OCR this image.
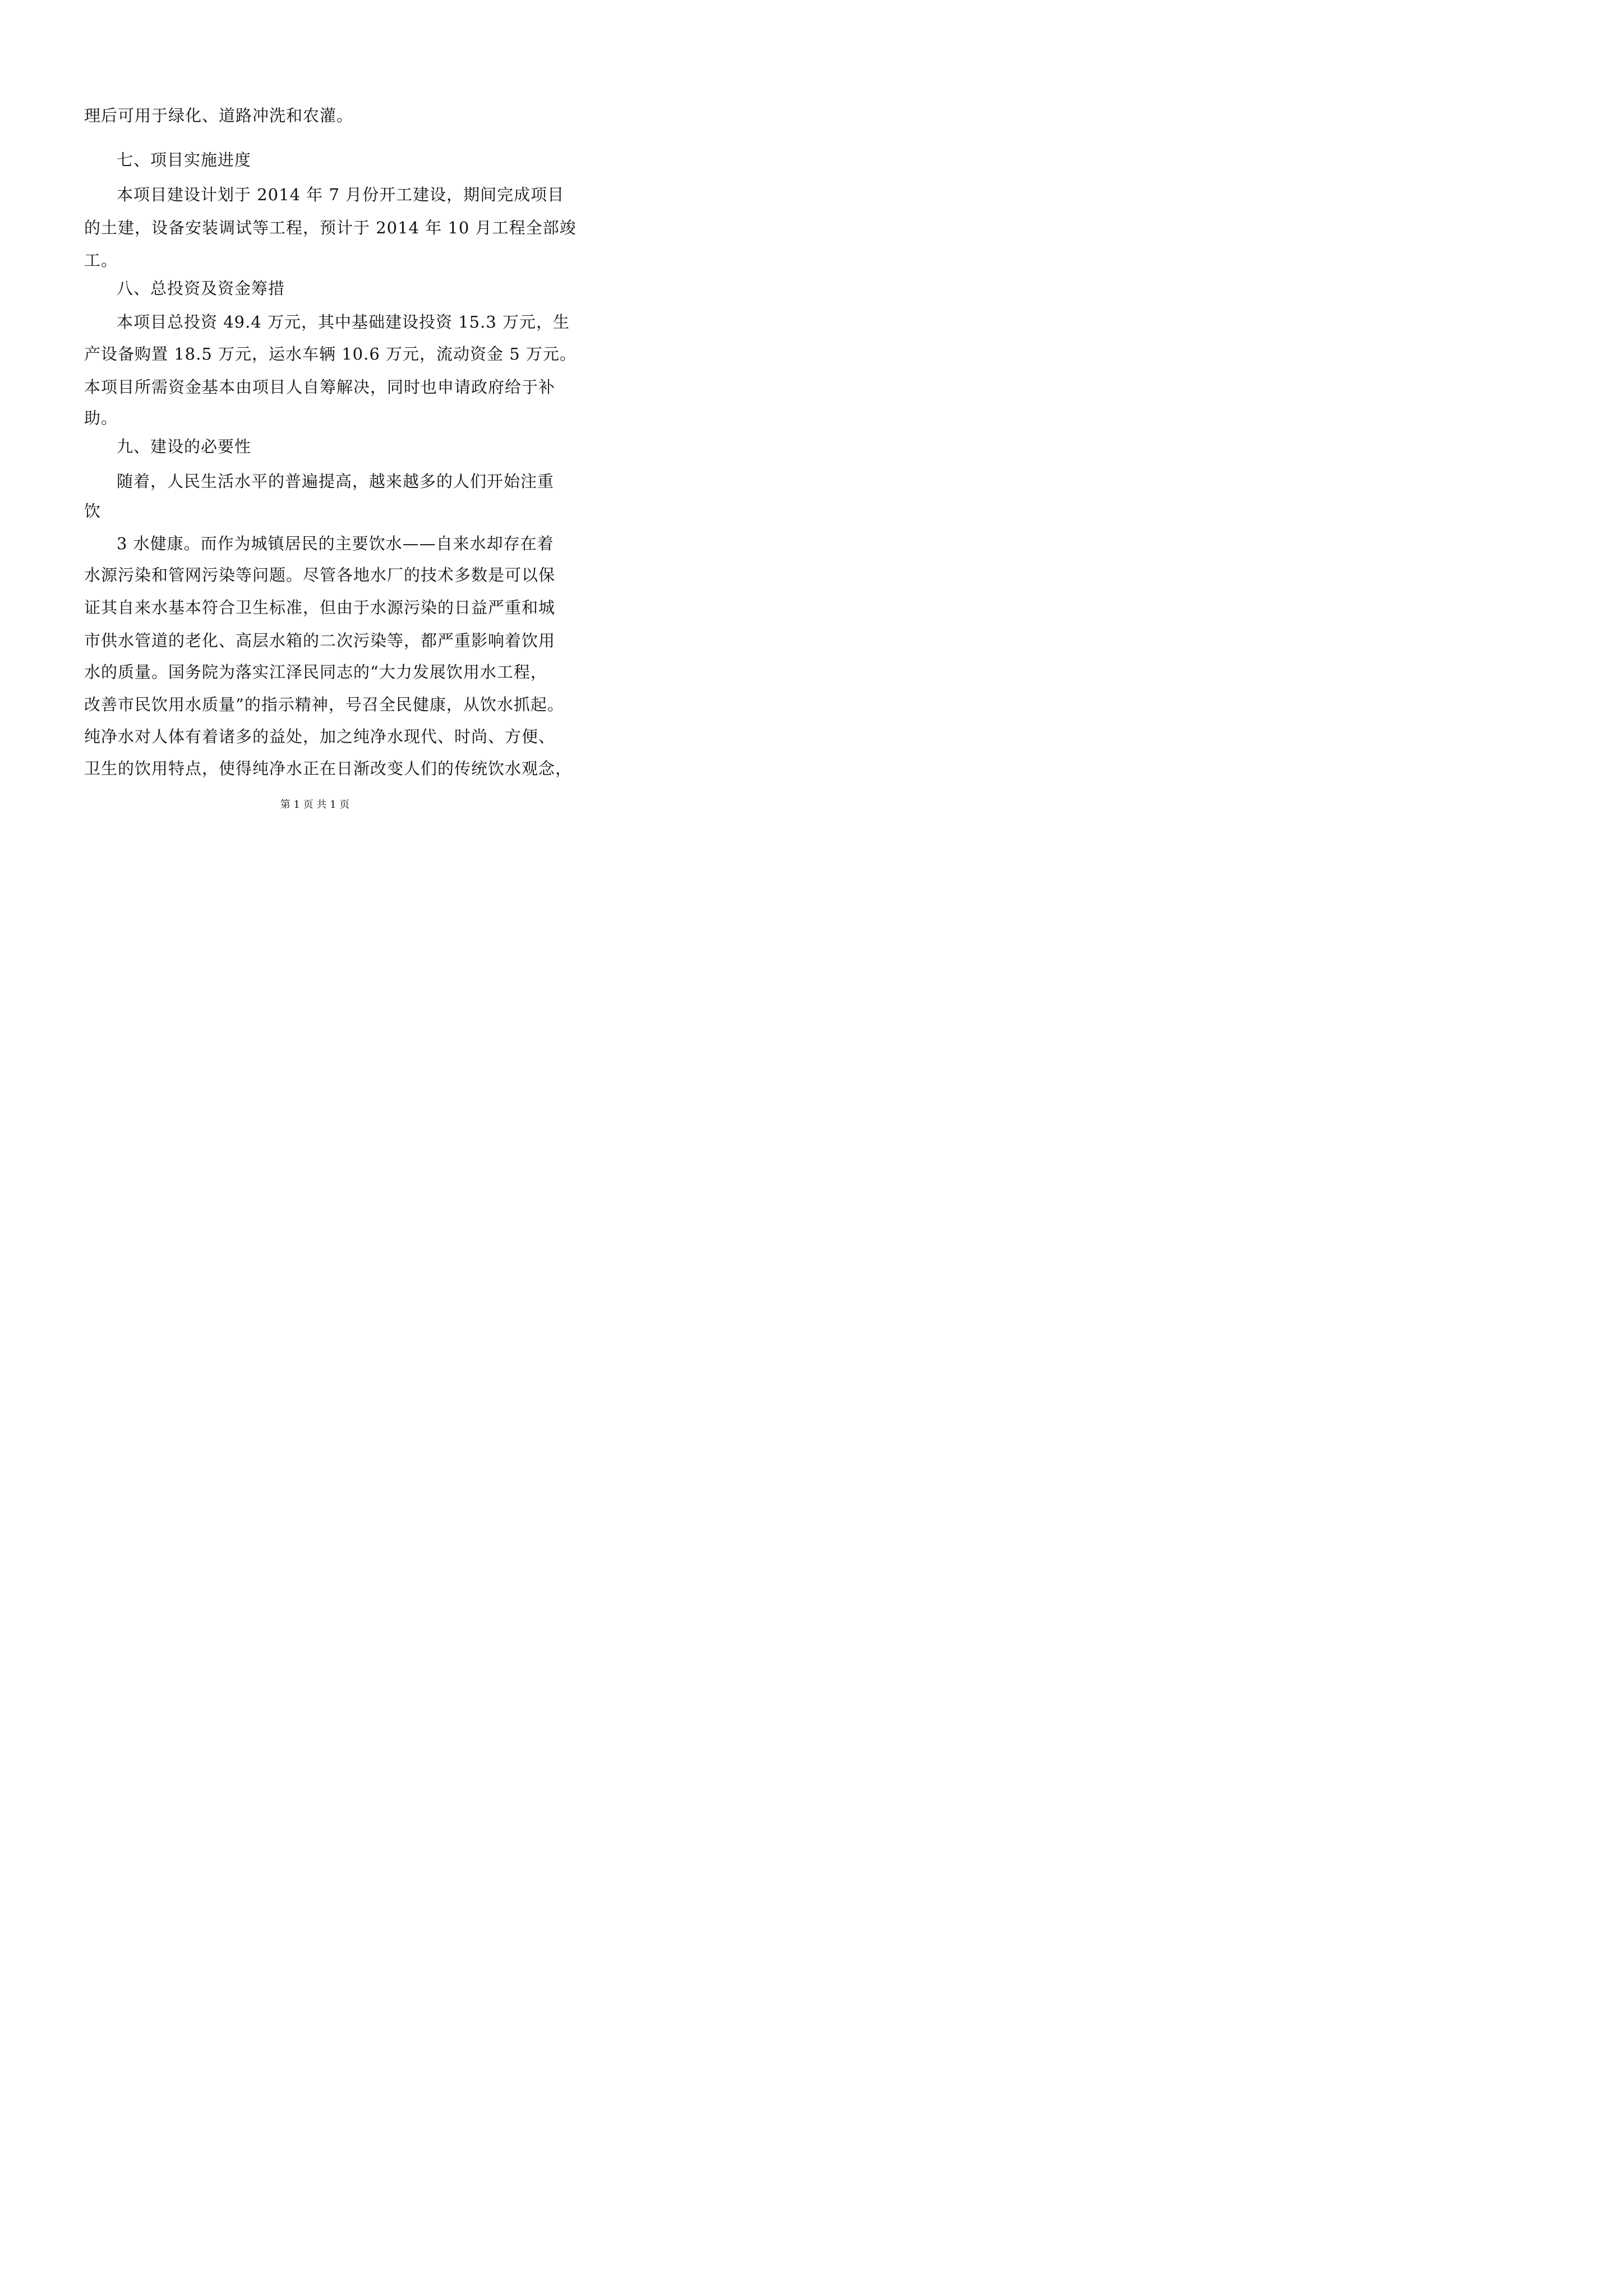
理后可用于绿化、道路冲洗和农灌。
七、项目实施进度
本项目建设计划于 2014 年 7 月份开工建设，期间完成项目
的土建，设备安装调试等工程，预计于 2014 年 10 月工程全部竣
工。
八、总投资及资金筹措
本项目总投资 49.4 万元，其中基础建设投资 15.3 万元，生
产设备购置 18.5 万元，运水车辆 10.6 万元，流动资金 5 万元。
本项目所需资金基本由项目人自筹解决，同时也申请政府给于补
助。
九、建设的必要性
随着，人民生活水平的普遍提高，越来越多的人们开始注重
饮
3 水健康。而作为城镇居民的主要饮水——自来水却存在着
水源污染和管网污染等问题。尽管各地水厂的技术多数是可以保
证其自来水基本符合卫生标准，但由于水源污染的日益严重和城
市供水管道的老化、高层水箱的二次污染等，都严重影响着饮用
水的质量。国务院为落实江泽民同志的“大力发展饮用水工程，
改善市民饮用水质量”的指示精神，号召全民健康，从饮水抓起。
纯净水对人体有着诸多的益处，加之纯净水现代、时尚、方便、
卫生的饮用特点，使得纯净水正在日渐改变人们的传统饮水观念，
第 1 页 共 1 页
